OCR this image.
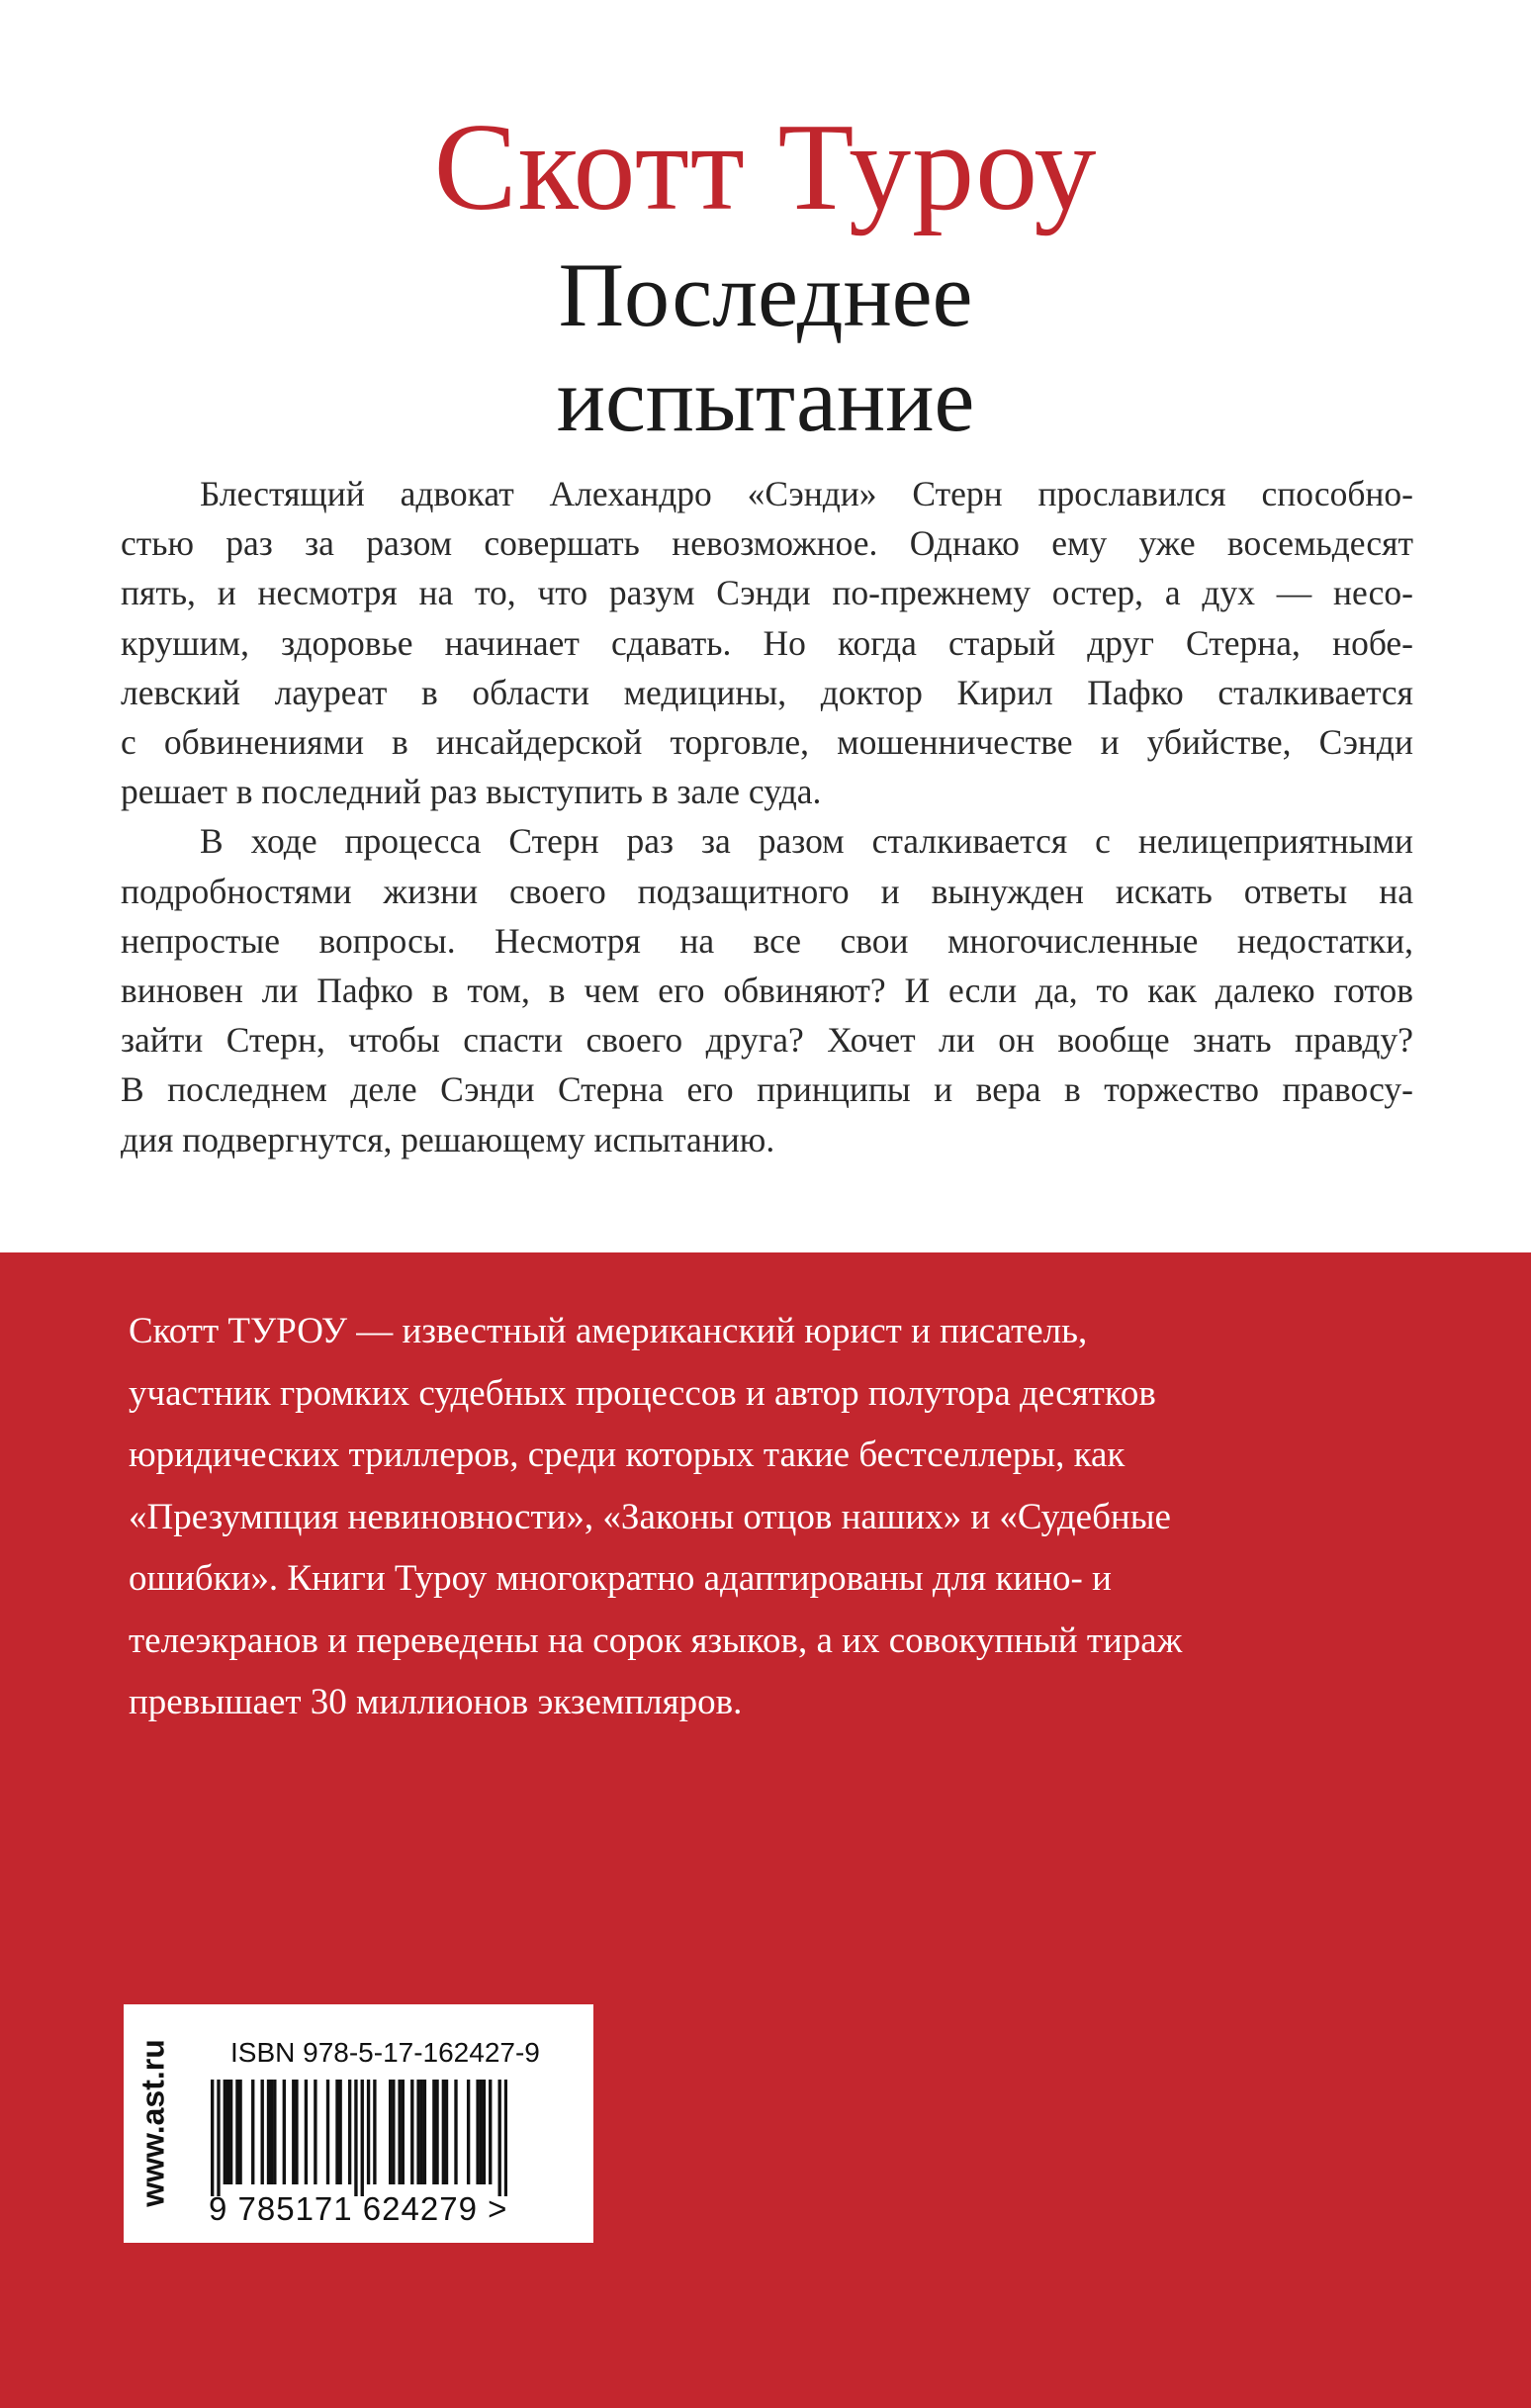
Скотт Туроу
Последнее
испытание
Блестящий адвокат Алехандро «Сэнди» Стерн прославился способно-
стью раз за разом совершать невозможное. Однако ему уже восемьдесят
пять, и несмотря на то, что разум Сэнди по-прежнему остер, а дух — несо-
крушим, здоровье начинает сдавать. Но когда старый друг Стерна, нобе-
левский лауреат в области медицины, доктор Кирил Пафко сталкивается
с обвинениями в инсайдерской торговле, мошенничестве и убийстве, Сэнди
решает в последний раз выступить в зале суда.
В ходе процесса Стерн раз за разом сталкивается с нелицеприятными
подробностями жизни своего подзащитного и вынужден искать ответы на
непростые вопросы. Несмотря на все свои многочисленные недостатки,
виновен ли Пафко в том, в чем его обвиняют? И если да, то как далеко готов
зайти Стерн, чтобы спасти своего друга? Хочет ли он вообще знать правду?
В последнем деле Сэнди Стерна его принципы и вера в торжество правосу-
дия подвергнутся, решающему испытанию.
Скотт ТУРОУ — известный американский юрист и писатель,
участник громких судебных процессов и автор полутора десятков
юридических триллеров, среди которых такие бестселлеры, как
«Презумпция невиновности», «Законы отцов наших» и «Судебные
ошибки». Книги Туроу многократно адаптированы для кино- и
телеэкранов и переведены на сорок языков, а их совокупный тираж
превышает 30 миллионов экземпляров.
www.ast.ru ISBN 978-5-17-162427-9
9 785171 624279 >
